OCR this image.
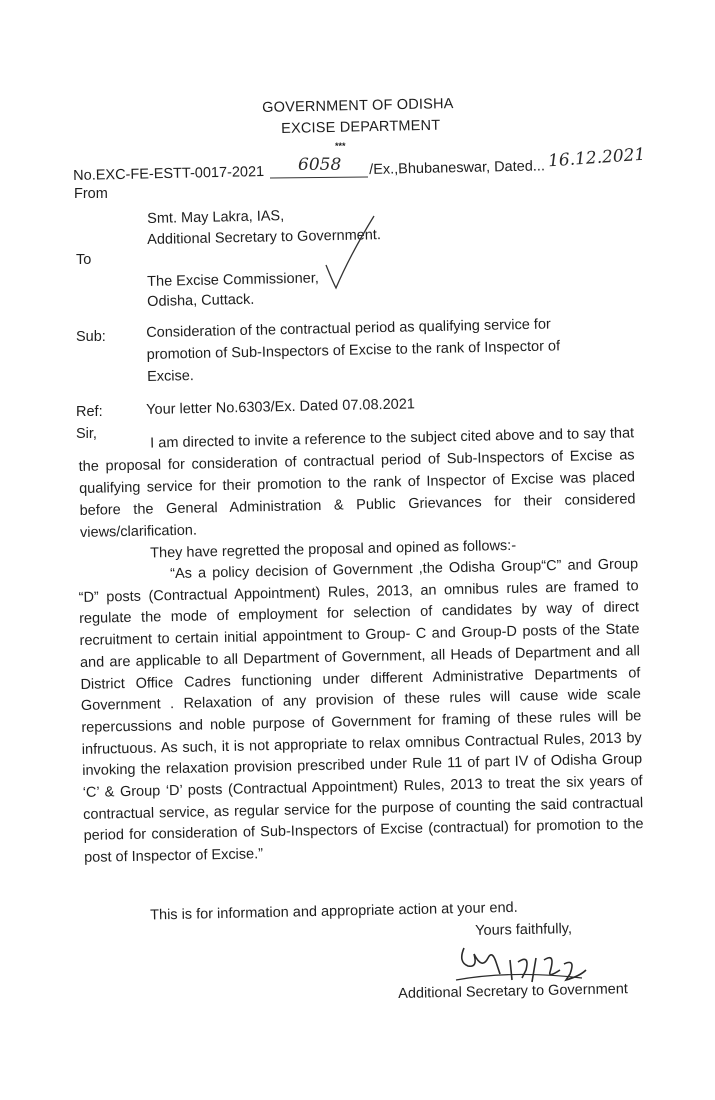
GOVERNMENT OF ODISHA
EXCISE DEPARTMENT
***
No.EXC-FE-ESTT-0017-2021 6058 /Ex.,Bhubaneswar, Dated... 16.12.2021
From
Smt. May Lakra, IAS,
Additional Secretary to Government.
To
The Excise Commissioner,
Odisha, Cuttack.
Sub:	Consideration of the contractual period as qualifying service for
promotion of Sub-Inspectors of Excise to the rank of Inspector of
Excise.
Ref:	Your letter No.6303/Ex. Dated 07.08.2021
Sir,	I am directed to invite a reference to the subject cited above and to say that the proposal for consideration of contractual period of Sub-Inspectors of Excise as qualifying service for their promotion to the rank of Inspector of Excise was placed before the General Administration & Public Grievances for their considered views/clarification.

They have regretted the proposal and opined as follows:-

“As a policy decision of Government ,the Odisha Group“C” and Group “D” posts (Contractual Appointment) Rules, 2013, an omnibus rules are framed to regulate the mode of employment for selection of candidates by way of direct recruitment to certain initial appointment to Group- C and Group-D posts of the State and are applicable to all Department of Government, all Heads of Department and all District Office Cadres functioning under different Administrative Departments of Government . Relaxation of any provision of these rules will cause wide scale repercussions and noble purpose of Government for framing of these rules will be infructuous. As such, it is not appropriate to relax omnibus Contractual Rules, 2013 by invoking the relaxation provision prescribed under Rule 11 of part IV of Odisha Group ‘C’ & Group ‘D’ posts (Contractual Appointment) Rules, 2013 to treat the six years of contractual service, as regular service for the purpose of counting the said contractual period for consideration of Sub-Inspectors of Excise (contractual) for promotion to the post of Inspector of Excise.”

This is for information and appropriate action at your end.

Yours faithfully,
Additional Secretary to Government
